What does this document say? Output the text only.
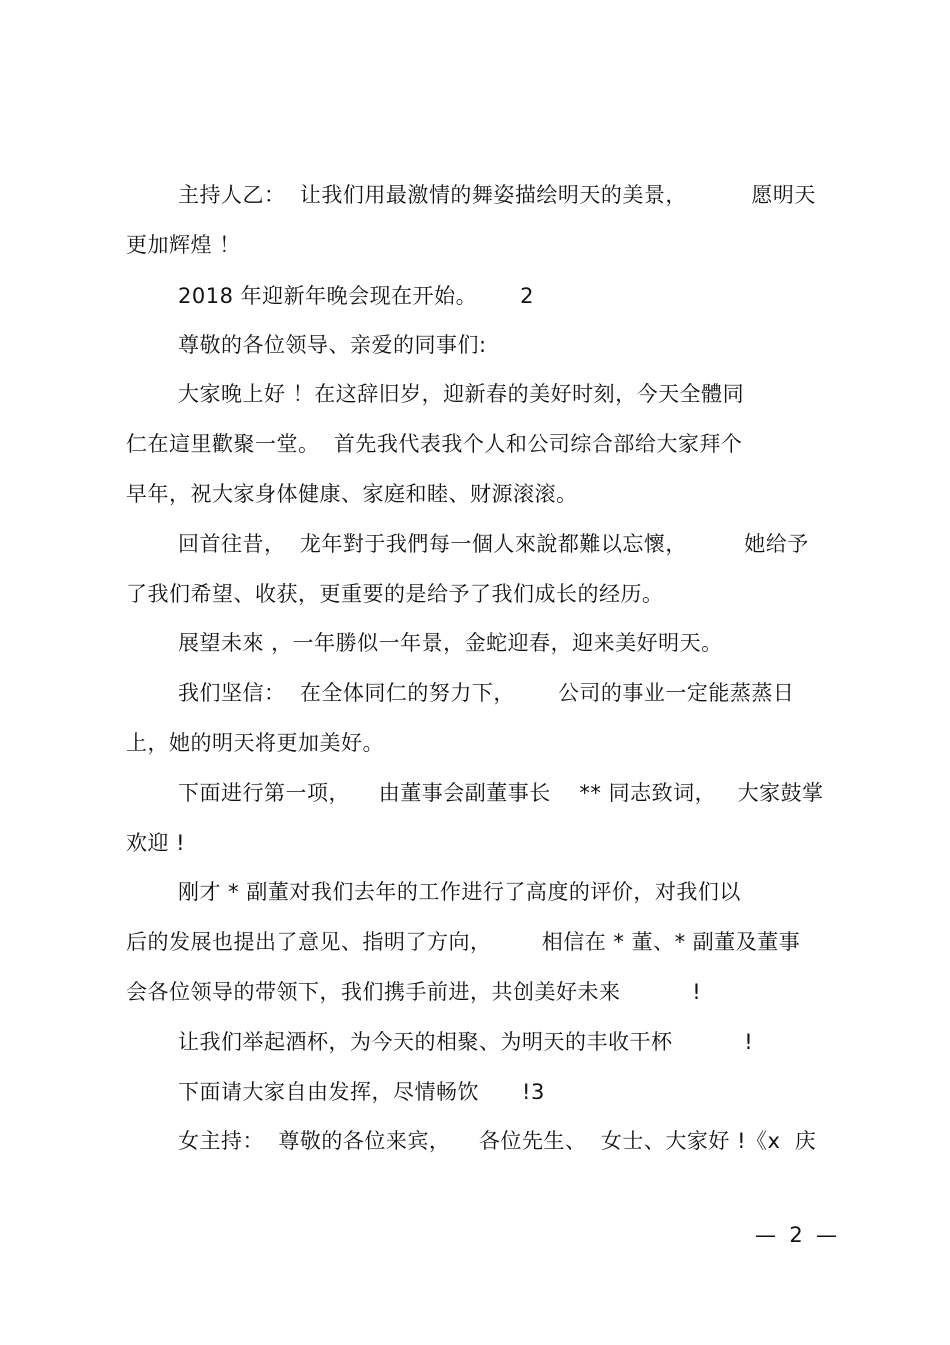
主持人乙：  让我们用最激情的舞姿描绘明天的美景，         愿明天
更加辉煌 ！
2018 年迎新年晚会现在开始。      2
尊敬的各位领导、亲爱的同事们:
大家晚上好 ！在这辞旧岁，迎新春的美好时刻，今天全體同
仁在這里歡聚一堂。  首先我代表我个人和公司综合部给大家拜个
早年，祝大家身体健康、家庭和睦、财源滚滚。
回首往昔，  龙年對于我們每一個人來說都難以忘懷，        她给予
了我们希望、收获，更重要的是给予了我们成长的经历。
展望未來 ，一年勝似一年景，金蛇迎春，迎来美好明天。
我们坚信：  在全体同仁的努力下，      公司的事业一定能蒸蒸日
上，她的明天将更加美好。
下面进行第一项，    由董事会副董事长    ** 同志致词，   大家鼓掌
欢迎 !
刚才 * 副董对我们去年的工作进行了高度的评价，对我们以
后的发展也提出了意见、指明了方向，       相信在 * 董、* 副董及董事
会各位领导的带领下，我们携手前进，共创美好未来          !
让我们举起酒杯，为今天的相聚、为明天的丰收干杯          !
下面请大家自由发挥，尽情畅饮      !3
女主持：  尊敬的各位来宾，    各位先生、  女士、大家好 !《x  庆
—  2  —
